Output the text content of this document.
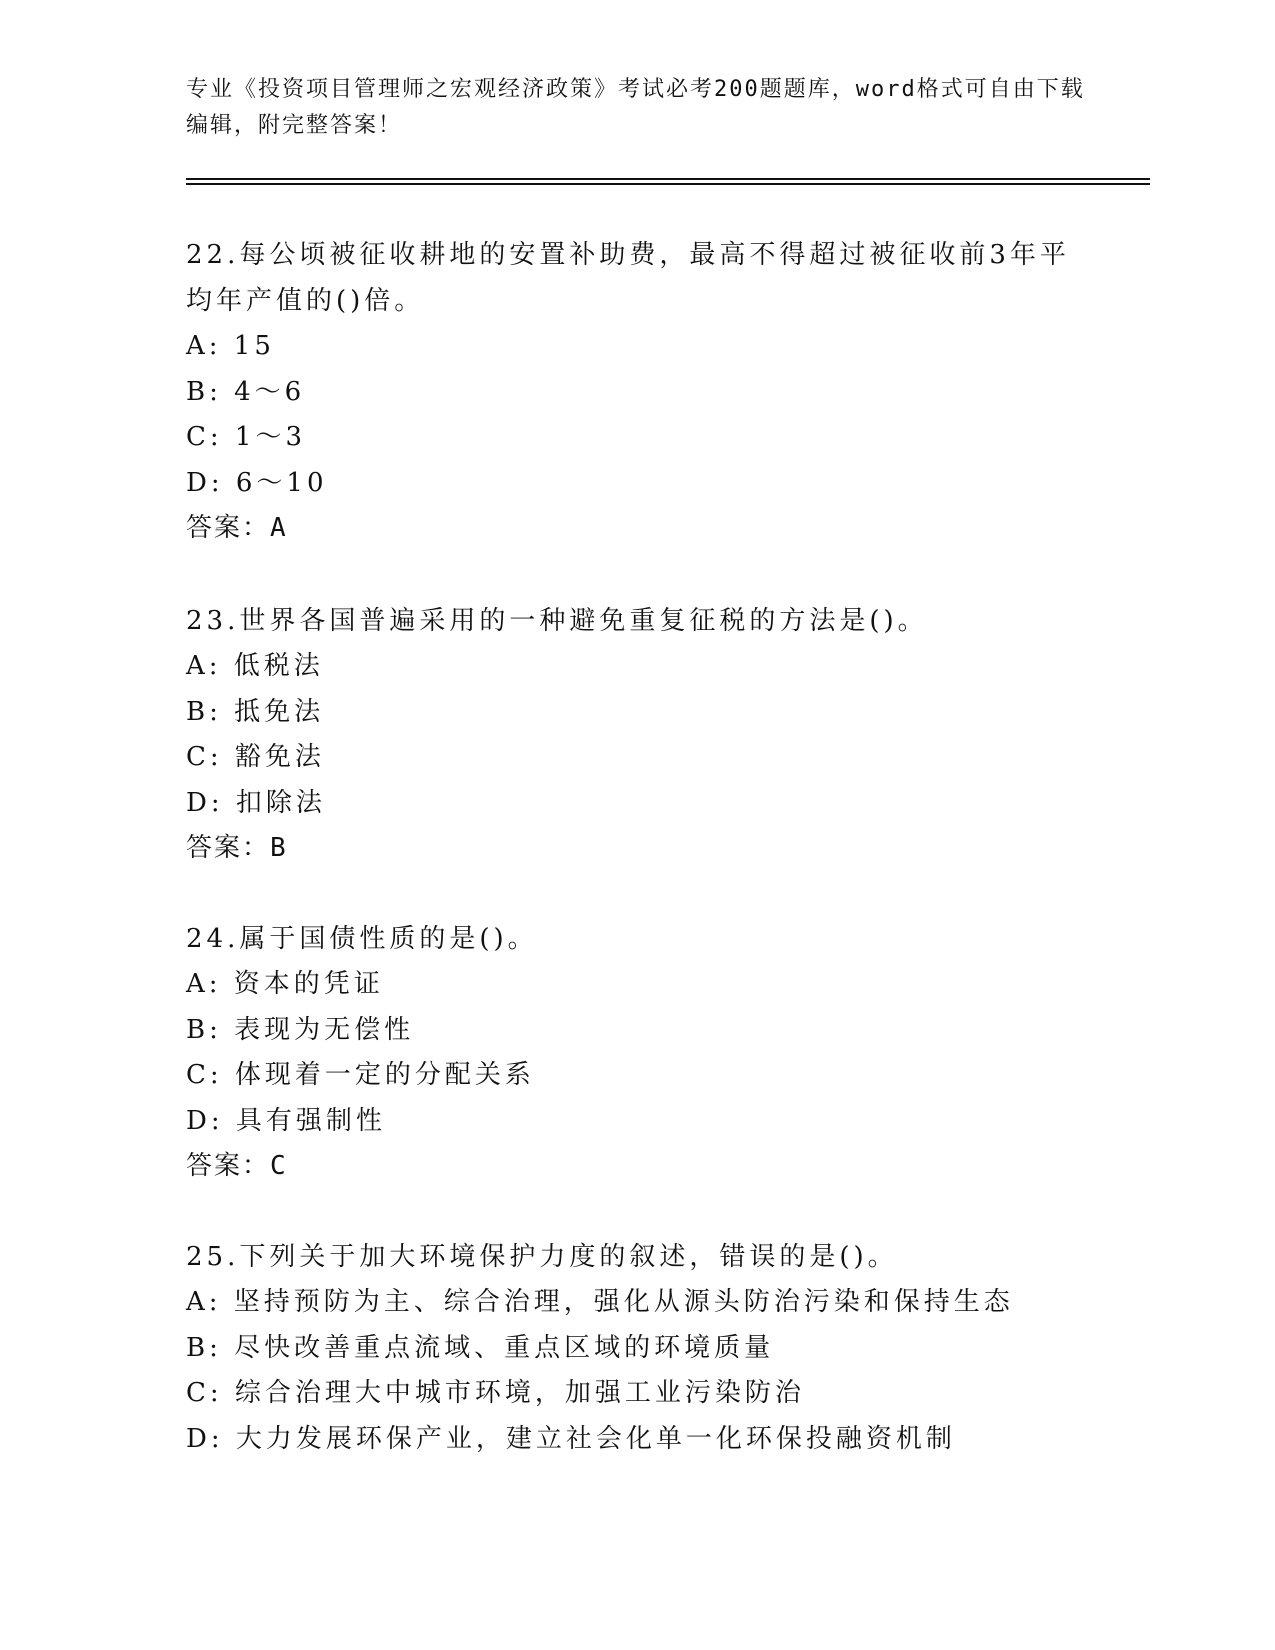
专业《投资项目管理师之宏观经济政策》考试必考200题题库，word格式可自由下载编辑，附完整答案！

22.每公顷被征收耕地的安置补助费，最高不得超过被征收前3年平均年产值的()倍。

A: 15

B: 4～6

C: 1～3

D: 6～10

答案：A

23.世界各国普遍采用的一种避免重复征税的方法是()。

A: 低税法

B: 抵免法

C: 豁免法

D: 扣除法

答案：B

24.属于国债性质的是()。

A: 资本的凭证

B: 表现为无偿性

C: 体现着一定的分配关系

D: 具有强制性

答案：C

25.下列关于加大环境保护力度的叙述，错误的是()。

A: 坚持预防为主、综合治理，强化从源头防治污染和保持生态

B: 尽快改善重点流域、重点区域的环境质量

C: 综合治理大中城市环境，加强工业污染防治

D: 大力发展环保产业，建立社会化单一化环保投融资机制
